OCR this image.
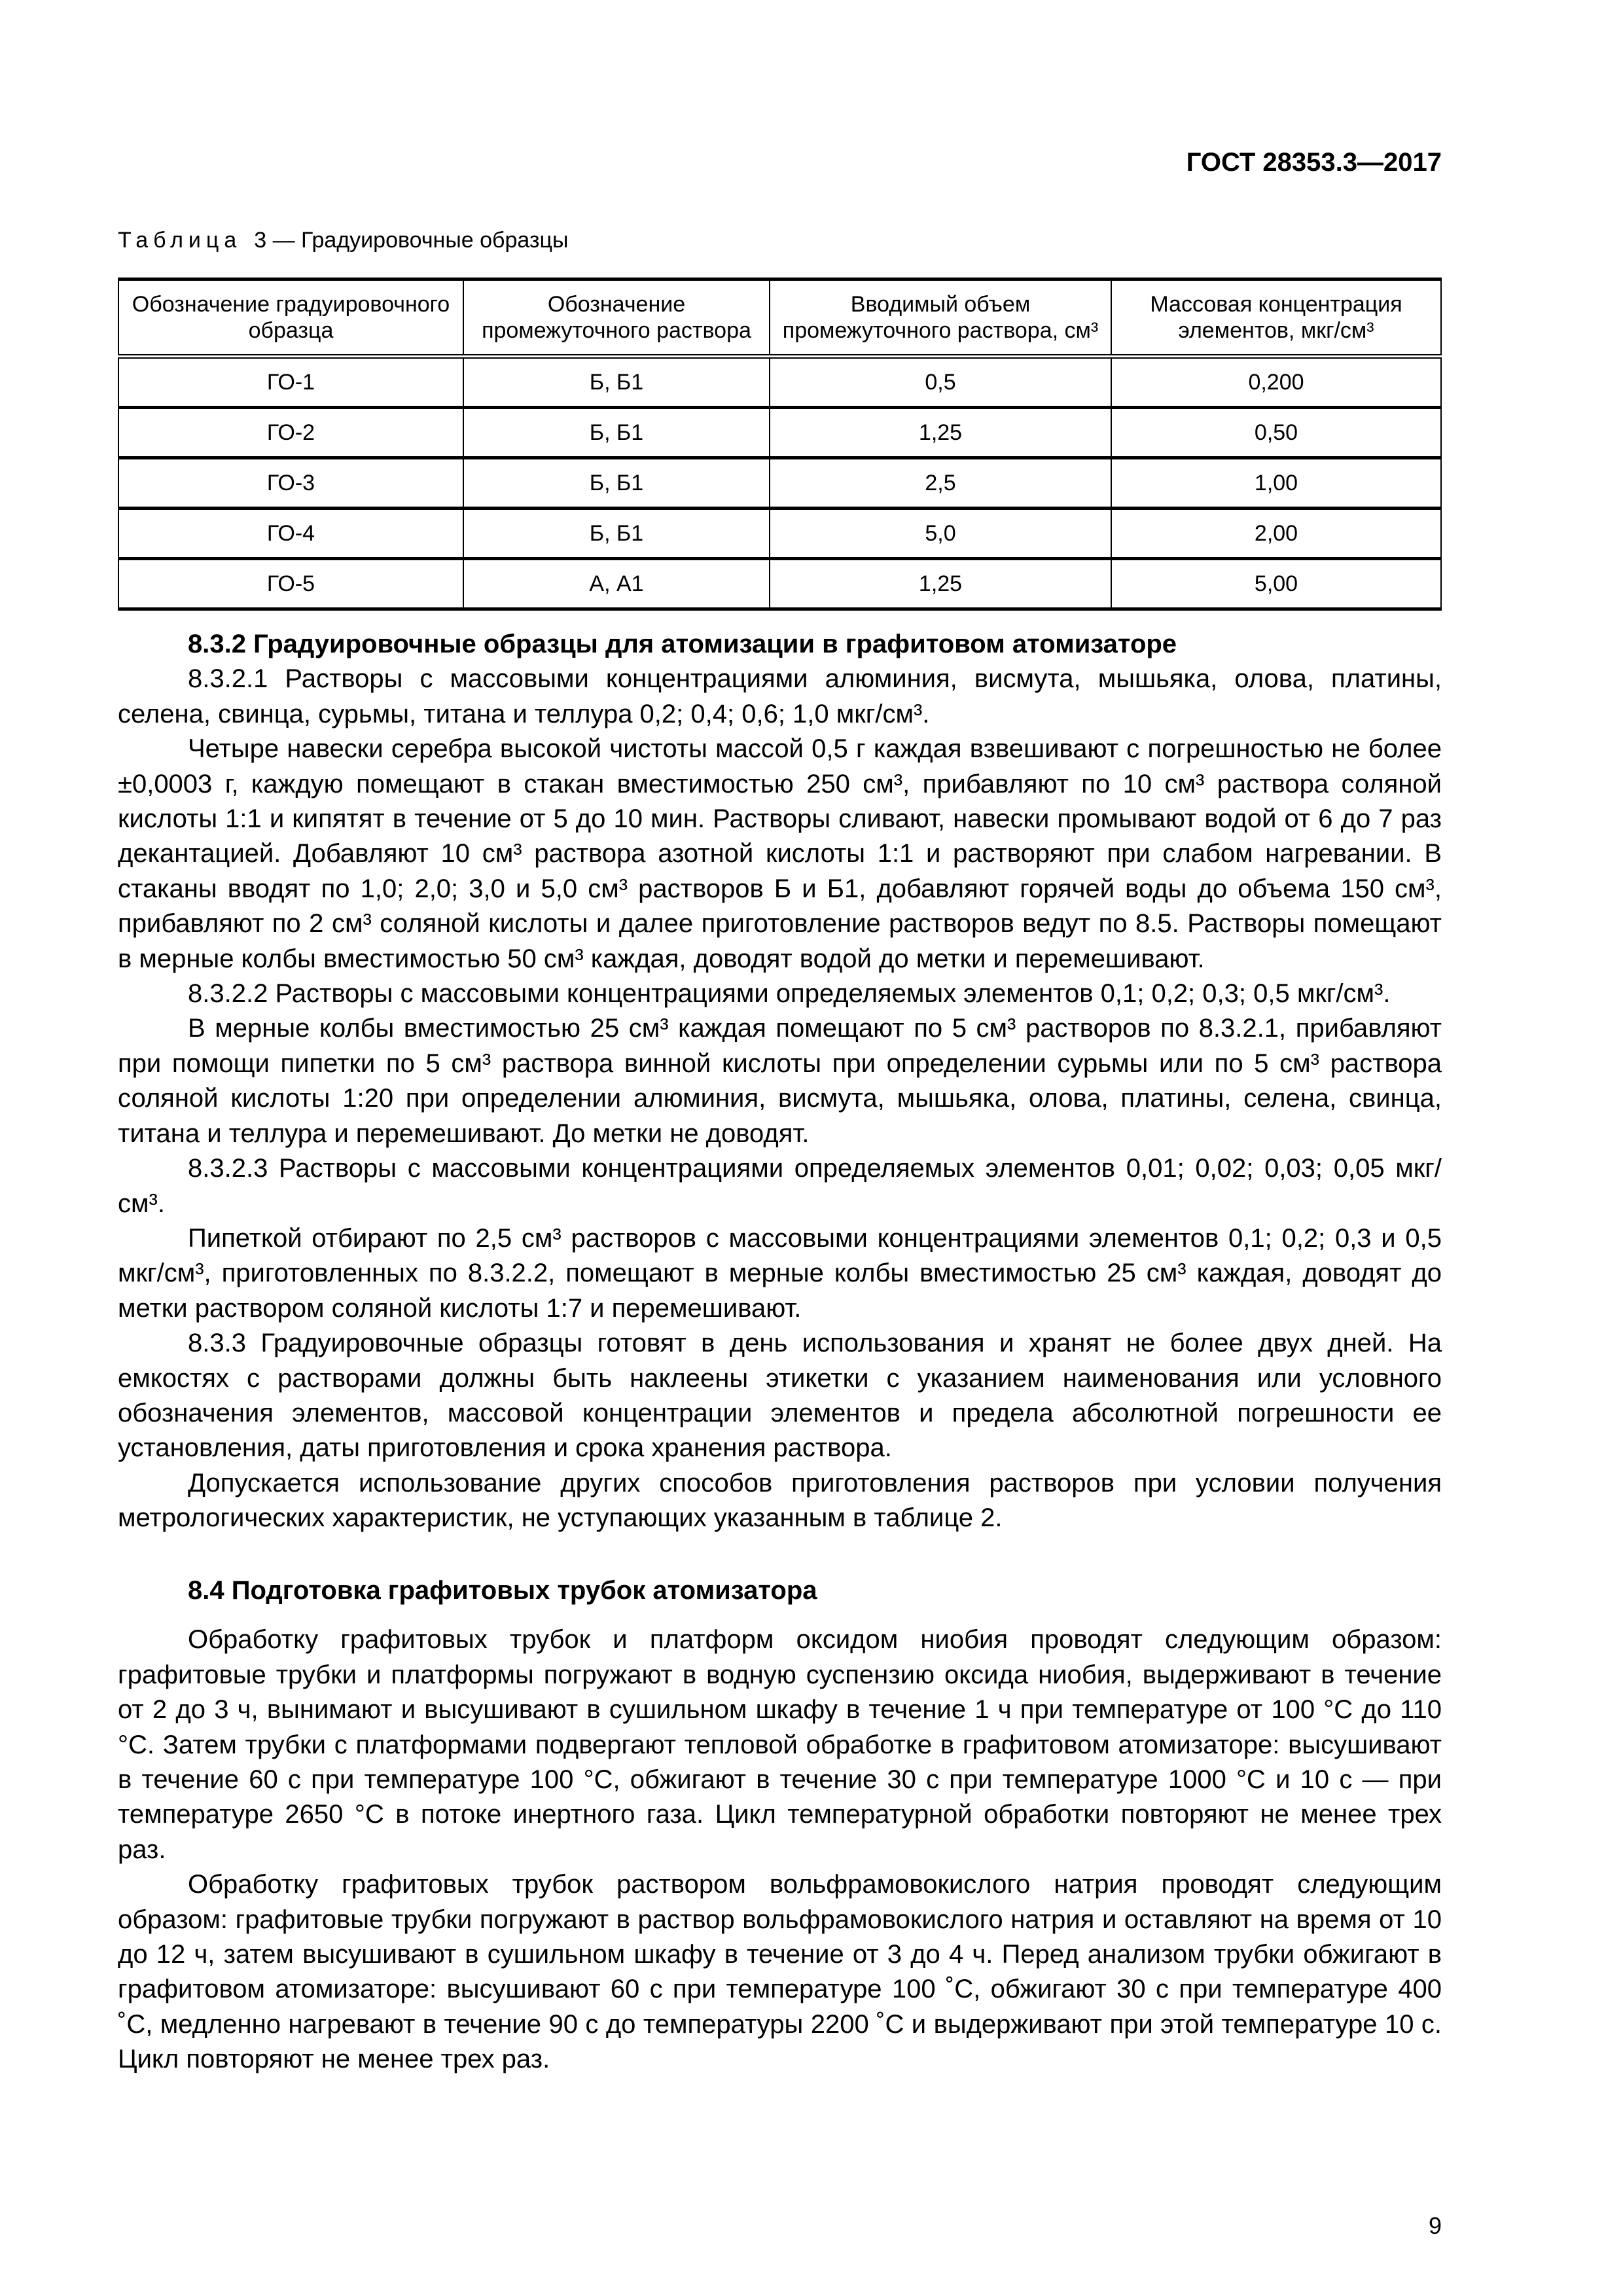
ГОСТ 28353.3—2017
Таблица 3 — Градуировочные образцы
Обозначение градуировочного образца	Обозначение промежуточного раствора	Вводимый объем промежуточного раствора, см³	Массовая концентрация элементов, мкг/см³
ГО-1	Б, Б1	0,5	0,200
ГО-2	Б, Б1	1,25	0,50
ГО-3	Б, Б1	2,5	1,00
ГО-4	Б, Б1	5,0	2,00
ГО-5	А, А1	1,25	5,00
8.3.2 Градуировочные образцы для атомизации в графитовом атомизаторе

8.3.2.1 Растворы с массовыми концентрациями алюминия, висмута, мышьяка, олова, платины, селена, свинца, сурьмы, титана и теллура 0,2; 0,4; 0,6; 1,0 мкг/см³.

Четыре навески серебра высокой чистоты массой 0,5 г каждая взвешивают с погрешностью не более ±0,0003 г, каждую помещают в стакан вместимостью 250 см³, прибавляют по 10 см³ раствора соляной кислоты 1:1 и кипятят в течение от 5 до 10 мин. Растворы сливают, навески промывают водой от 6 до 7 раз декантацией. Добавляют 10 см³ раствора азотной кислоты 1:1 и растворяют при слабом нагревании. В стаканы вводят по 1,0; 2,0; 3,0 и 5,0 см³ растворов Б и Б1, добавляют горячей воды до объема 150 см³, прибавляют по 2 см³ соляной кислоты и далее приготовление растворов ведут по 8.5. Растворы помещают в мерные колбы вместимостью 50 см³ каждая, доводят водой до метки и перемешивают.

8.3.2.2 Растворы с массовыми концентрациями определяемых элементов 0,1; 0,2; 0,3; 0,5 мкг/см³.

В мерные колбы вместимостью 25 см³ каждая помещают по 5 см³ растворов по 8.3.2.1, прибавляют при помощи пипетки по 5 см³ раствора винной кислоты при определении сурьмы или по 5 см³ раствора соляной кислоты 1:20 при определении алюминия, висмута, мышьяка, олова, платины, селена, свинца, титана и теллура и перемешивают. До метки не доводят.

8.3.2.3 Растворы с массовыми концентрациями определяемых элементов 0,01; 0,02; 0,03; 0,05 мкг/см³.

Пипеткой отбирают по 2,5 см³ растворов с массовыми концентрациями элементов 0,1; 0,2; 0,3 и 0,5 мкг/см³, приготовленных по 8.3.2.2, помещают в мерные колбы вместимостью 25 см³ каждая, доводят до метки раствором соляной кислоты 1:7 и перемешивают.

8.3.3 Градуировочные образцы готовят в день использования и хранят не более двух дней. На емкостях с растворами должны быть наклеены этикетки с указанием наименования или условного обозначения элементов, массовой концентрации элементов и предела абсолютной погрешности ее установления, даты приготовления и срока хранения раствора.

Допускается использование других способов приготовления растворов при условии получения метрологических характеристик, не уступающих указанным в таблице 2.

8.4 Подготовка графитовых трубок атомизатора

Обработку графитовых трубок и платформ оксидом ниобия проводят следующим образом: графитовые трубки и платформы погружают в водную суспензию оксида ниобия, выдерживают в течение от 2 до 3 ч, вынимают и высушивают в сушильном шкафу в течение 1 ч при температуре от 100 °С до 110 °С. Затем трубки с платформами подвергают тепловой обработке в графитовом атомизаторе: высушивают в течение 60 с при температуре 100 °С, обжигают в течение 30 с при температуре 1000 °С и 10 с — при температуре 2650 °С в потоке инертного газа. Цикл температурной обработки повторяют не менее трех раз.

Обработку графитовых трубок раствором вольфрамовокислого натрия проводят следующим образом: графитовые трубки погружают в раствор вольфрамовокислого натрия и оставляют на время от 10 до 12 ч, затем высушивают в сушильном шкафу в течение от 3 до 4 ч. Перед анализом трубки обжигают в графитовом атомизаторе: высушивают 60 с при температуре 100 ˚С, обжигают 30 с при температуре 400 ˚С, медленно нагревают в течение 90 с до температуры 2200 ˚С и выдерживают при этой температуре 10 с. Цикл повторяют не менее трех раз.

9
